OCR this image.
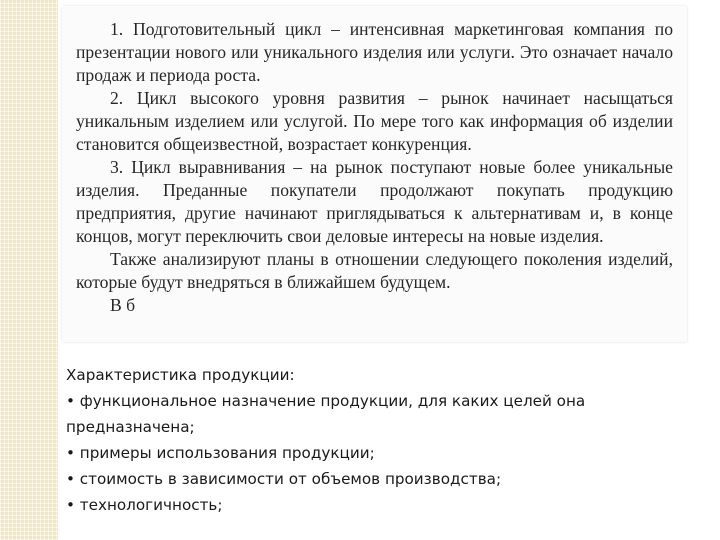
1. Подготовительный цикл – интенсивная маркетинговая компания по презентации нового или уникального изделия или услуги. Это означает начало продаж и периода роста.

2. Цикл высокого уровня развития – рынок начинает насыщаться уникальным изделием или услугой. По мере того как информация об изделии становится общеизвестной, возрастает конкуренция.

3. Цикл выравнивания – на рынок поступают новые более уникальные изделия. Преданные покупатели продолжают покупать продукцию предприятия, другие начинают приглядываться к альтернативам и, в конце концов, могут переключить свои деловые интересы на новые изделия.

Также анализируют планы в отношении следующего поколения изделий, которые будут внедряться в ближайшем будущем.

В б

Характеристика продукции:
• функциональное назначение продукции, для каких целей она предназначена;
• примеры использования продукции;
• стоимость в зависимости от объемов производства;
• технологичность;
